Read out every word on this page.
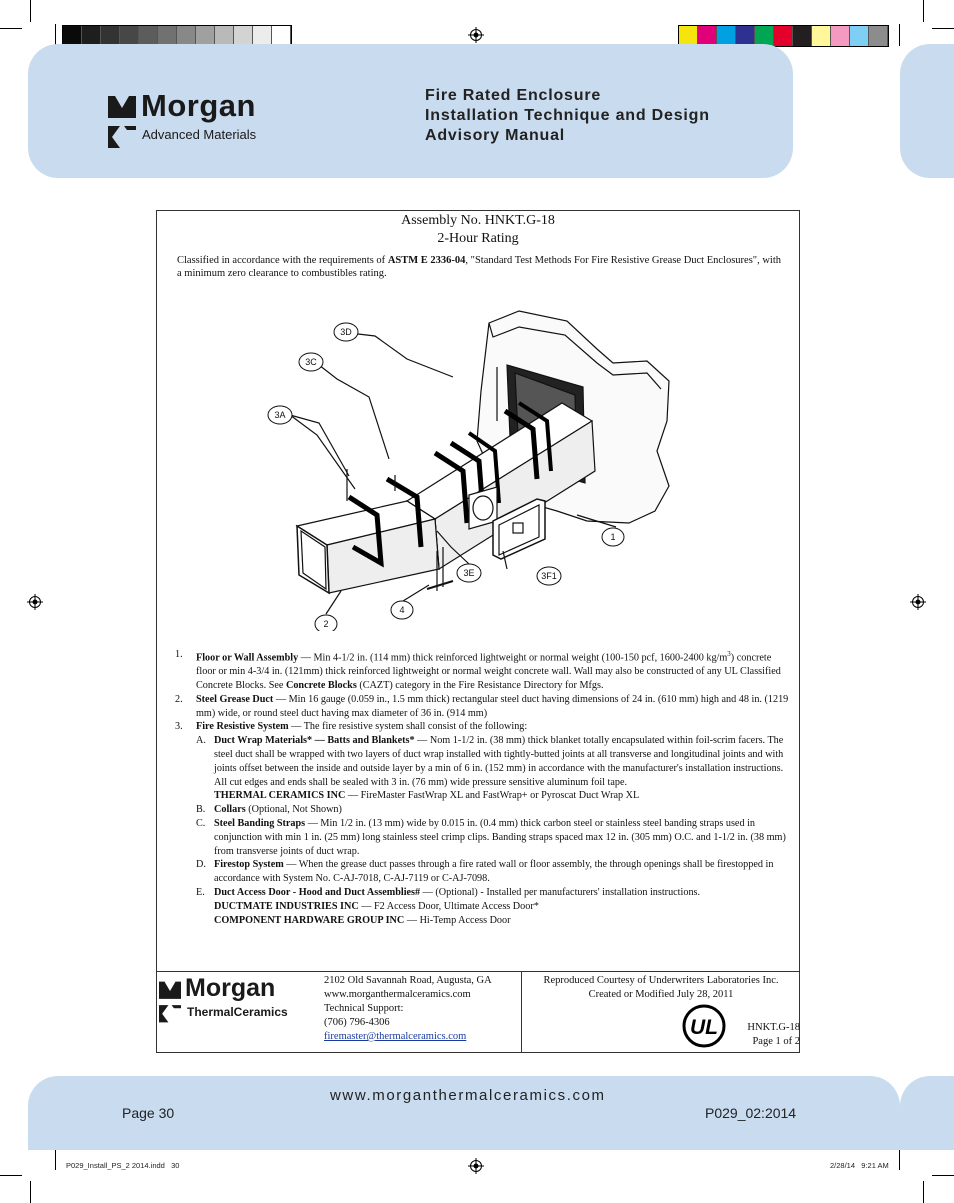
Morgan
Advanced Materials
Fire Rated Enclosure
Installation Technique and Design
Advisory Manual
Assembly No. HNKT.G-18
2-Hour Rating
Classified in accordance with the requirements of ASTM E 2336-04, "Standard Test Methods For Fire Resistive Grease Duct Enclosures", with a minimum zero clearance to combustibles rating.
3D
3C
3A
3E	3F1
1
4
2
1.	Floor or Wall Assembly — Min 4-1/2 in. (114 mm) thick reinforced lightweight or normal weight (100-150 pcf, 1600-2400 $kg/m^3$) concrete floor or min 4-3/4 in. (121mm) thick reinforced lightweight or normal weight concrete wall. Wall may also be constructed of any UL Classified Concrete Blocks. See Concrete Blocks (CAZT) category in the Fire Resistance Directory for Mfgs.
2.	Steel Grease Duct — Min 16 gauge (0.059 in., 1.5 mm thick) rectangular steel duct having dimensions of 24 in. (610 mm) high and 48 in. (1219 mm) wide, or round steel duct having max diameter of 36 in. (914 mm)
3.	Fire Resistive System — The fire resistive system shall consist of the following:
A. Duct Wrap Materials* — Batts and Blankets* — Nom 1-1/2 in. (38 mm) thick blanket totally encapsulated within foil-scrim facers. The steel duct shall be wrapped with two layers of duct wrap installed with tightly-butted joints at all transverse and longitudinal joints and with joints offset between the inside and outside layer by a min of 6 in. (152 mm) in accordance with the manufacturer's installation instructions. All cut edges and ends shall be sealed with 3 in. (76 mm) wide pressure sensitive aluminum foil tape.
THERMAL CERAMICS INC — FireMaster FastWrap XL and FastWrap+ or Pyroscat Duct Wrap XL
B. Collars (Optional, Not Shown)
C. Steel Banding Straps — Min 1/2 in. (13 mm) wide by 0.015 in. (0.4 mm) thick carbon steel or stainless steel banding straps used in conjunction with min 1 in. (25 mm) long stainless steel crimp clips. Banding straps spaced max 12 in. (305 mm) O.C. and 1-1/2 in. (38 mm) from transverse joints of duct wrap.
D. Firestop System — When the grease duct passes through a fire rated wall or floor assembly, the through openings shall be firestopped in accordance with System No. C-AJ-7018, C-AJ-7119 or C-AJ-7098.
E. Duct Access Door - Hood and Duct Assemblies# — (Optional) - Installed per manufacturers' installation instructions.
DUCTMATE INDUSTRIES INC — F2 Access Door, Ultimate Access Door*
COMPONENT HARDWARE GROUP INC — Hi-Temp Access Door
Morgan
ThermalCeramics
2102 Old Savannah Road, Augusta, GA
www.morganthermalceramics.com
Technical Support:
(706) 796-4306
firemaster@thermalceramics.com
Reproduced Courtesy of Underwriters Laboratories Inc.
Created or Modified July 28, 2011
UL	HNKT.G-18
Page 1 of 2
www.morganthermalceramics.com
Page 30	P029_02:2014
P029_Install_PS_2 2014.indd   30	2/28/14   9:21 AM
